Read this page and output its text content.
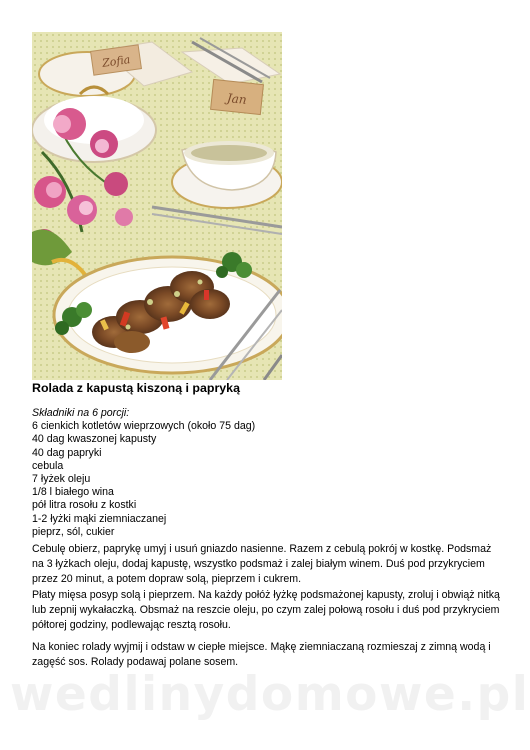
Zofia
Jan
Rolada z kapustą kiszoną i papryką
Składniki na 6 porcji:
6 cienkich kotletów wieprzowych (około 75 dag)
40 dag kwaszonej kapusty
40 dag papryki
cebula
7 łyżek oleju
1/8 l białego wina
pół litra rosołu z kostki
1-2 łyżki mąki ziemniaczanej
pieprz, sól, cukier

Cebulę obierz, paprykę umyj i usuń gniazdo nasienne. Razem z cebulą pokrój w kostkę. Podsmaż na 3 łyżkach oleju, dodaj kapustę, wszystko podsmaż i zalej białym winem. Duś pod przykryciem przez 20 minut, a potem dopraw solą, pieprzem i cukrem.

Płaty mięsa posyp solą i pieprzem. Na każdy połóż łyżkę podsmażonej kapusty, zroluj i obwiąż nitką lub zepnij wykałaczką. Obsmaż na reszcie oleju, po czym zalej połową rosołu i duś pod przykryciem półtorej godziny, podlewając resztą rosołu.

Na koniec rolady wyjmij i odstaw w ciepłe miejsce. Mąkę ziemniaczaną rozmieszaj z zimną wodą i zagęść sos. Rolady podawaj polane sosem.

wedlinydomowe.pl
